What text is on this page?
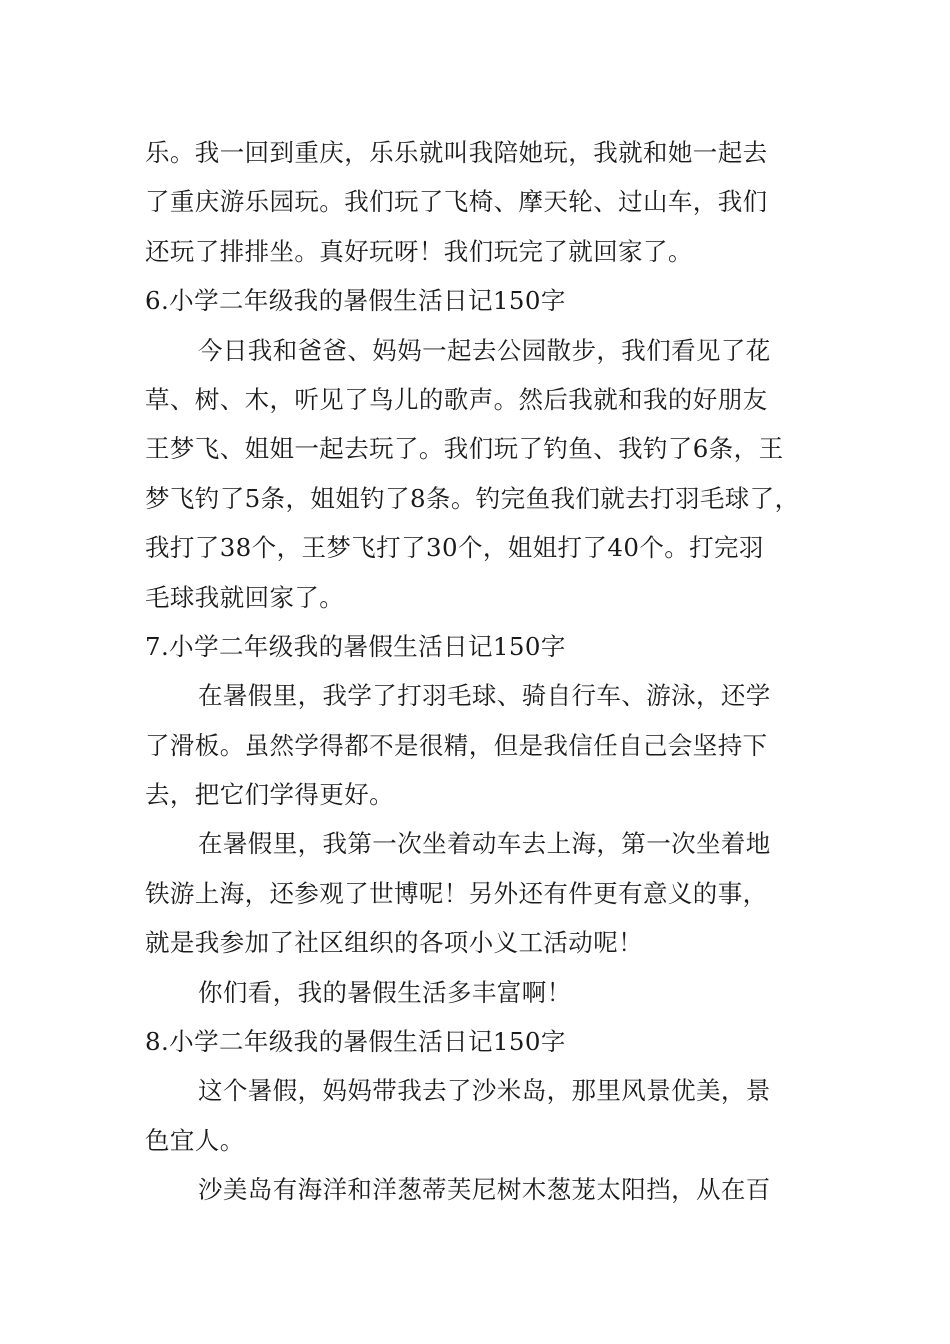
乐。我一回到重庆，乐乐就叫我陪她玩，我就和她一起去
了重庆游乐园玩。我们玩了飞椅、摩天轮、过山车，我们
还玩了排排坐。真好玩呀！我们玩完了就回家了。
6.小学二年级我的暑假生活日记150字
今日我和爸爸、妈妈一起去公园散步，我们看见了花
草、树、木，听见了鸟儿的歌声。然后我就和我的好朋友
王梦飞、姐姐一起去玩了。我们玩了钓鱼、我钓了6条，王
梦飞钓了5条，姐姐钓了8条。钓完鱼我们就去打羽毛球了，
我打了38个，王梦飞打了30个，姐姐打了40个。打完羽
毛球我就回家了。
7.小学二年级我的暑假生活日记150字
在暑假里，我学了打羽毛球、骑自行车、游泳，还学
了滑板。虽然学得都不是很精，但是我信任自己会坚持下
去，把它们学得更好。
在暑假里，我第一次坐着动车去上海，第一次坐着地
铁游上海，还参观了世博呢！另外还有件更有意义的事，
就是我参加了社区组织的各项小义工活动呢！
你们看，我的暑假生活多丰富啊！
8.小学二年级我的暑假生活日记150字
这个暑假，妈妈带我去了沙米岛，那里风景优美，景
色宜人。
沙美岛有海洋和洋葱蒂芙尼树木葱茏太阳挡，从在百
